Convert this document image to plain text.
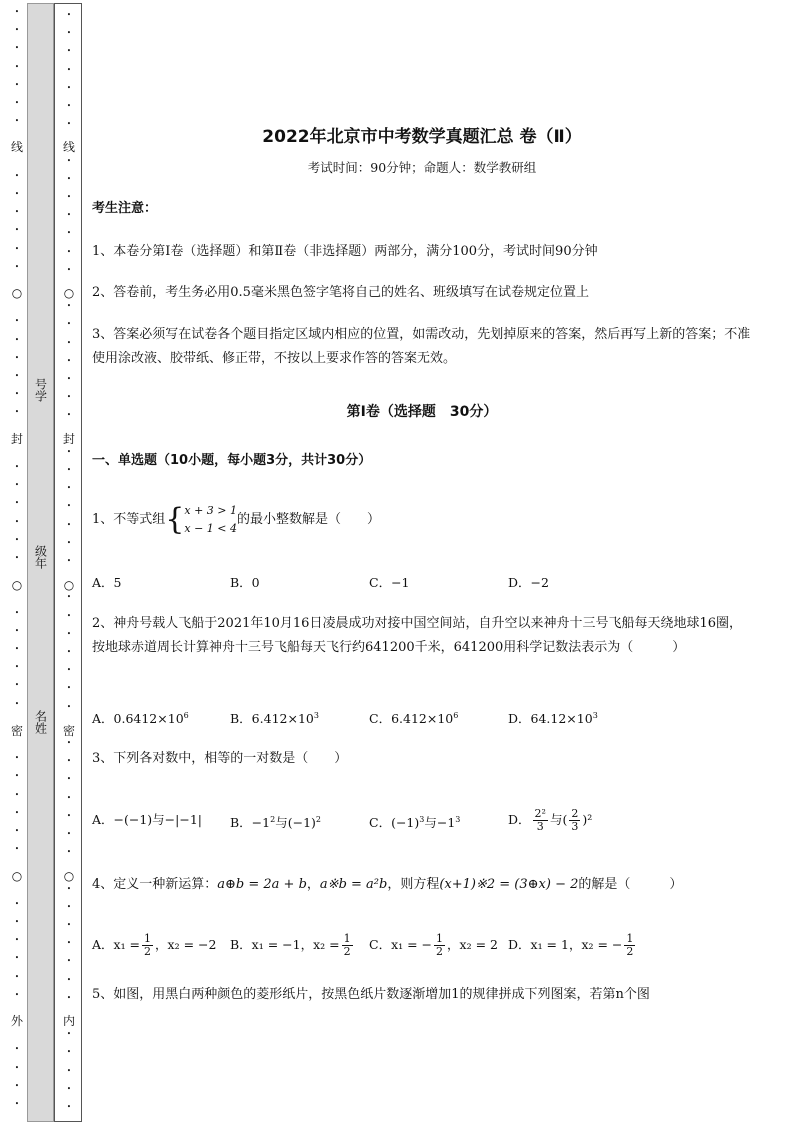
线
○
封
○
密
○
外
•
•
•
•
•
•
•
•
•
•
•
•
•
•
•
•
•
•
•
•
•
•
•
•
•
•
•
•
•
•
•
•
•
•
•
•
•
•
•
•
•
•
•
•
•
•
•
线
○
封
○
密
○
内
•
•
•
•
•
•
•
•
•
•
•
•
•
•
•
•
•
•
•
•
•
•
•
•
•
•
•
•
•
•
•
•
•
•
•
•
•
•
•
•
•
•
•
•
•
•
•
•
•
•
•
•
•
•
号学
级年
名姓
2022年北京市中考数学真题汇总 卷（Ⅱ）
考试时间：90分钟；命题人：数学教研组
考生注意：
1、本卷分第Ⅰ卷（选择题）和第Ⅱ卷（非选择题）两部分，满分100分，考试时间90分钟
2、答卷前，考生务必用0.5毫米黑色签字笔将自己的姓名、班级填写在试卷规定位置上
3、答案必须写在试卷各个题目指定区域内相应的位置，如需改动，先划掉原来的答案，然后再写上新的答案；不准使用涂改液、胶带纸、修正带，不按以上要求作答的答案无效。
第Ⅰ卷（选择题　30分）
一、单选题（10小题，每小题3分，共计30分）
1、不等式组{ x + 3 > 1
x − 1 < 4
的最小整数解是（　　）
A．5	B．0	C．−1	D．−2
2、神舟号载人飞船于2021年10月16日凌晨成功对接中国空间站，自升空以来神舟十三号飞船每天绕地球16圈，按地球赤道周长计算神舟十三号飞船每天飞行约641200千米，641200用科学记数法表示为（　　　）
A．$0.6412\times 10^6$	B．$6.412\times 10^3$	C．$6.412\times 10^6$	D．$64.12\times 10^3$
3、下列各对数中，相等的一对数是（　　）
A．−(−1)与−|−1| B．$-1^2$与$(-1)^2$	C．$(-1)^3$与$-1^3$	D． $\frac{\text{2²}}{3}$ 与( $\frac{2}{3} )^2$
4、定义一种新运算：a⊕b = 2a + b，a※b = a²b，则方程(x+1)※2 = (3⊕x) − 2的解是（　　　）
A．$x_1 = \frac{1}{2}$ ，x₂ = −2 B．x₁ = −1，$x_2 = \frac{1}{2}$ C．x₁ = − $\frac{1}{2}$ ，x₂ = 2 D．x₁ = 1，x₂ = − $\frac{1}{2}$
5、如图，用黑白两种颜色的菱形纸片，按黑色纸片数逐渐增加1的规律拼成下列图案，若第n个图
